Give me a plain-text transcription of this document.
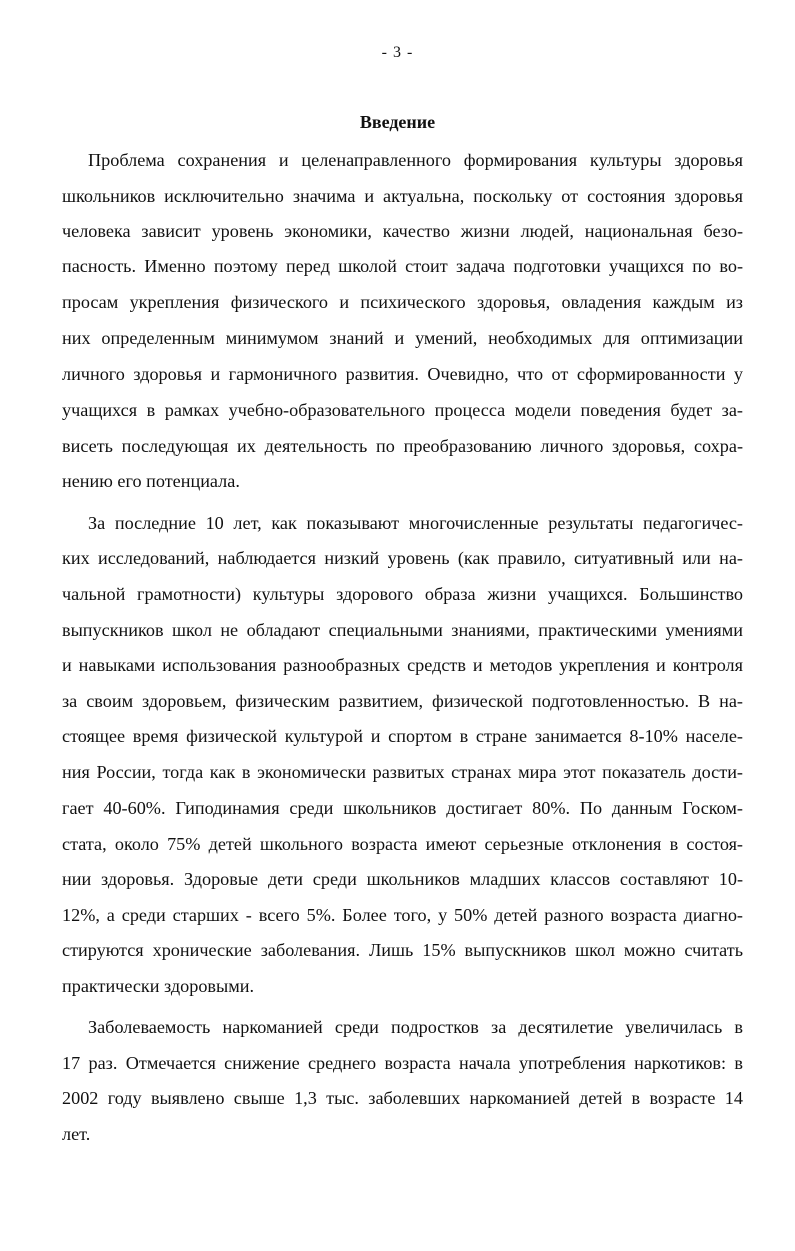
- 3 -
Введение
Проблема сохранения и целенаправленного формирования культуры здоровья
школьников исключительно значима и актуальна, поскольку от состояния здоровья
человека зависит уровень экономики, качество жизни людей, национальная безо-
пасность. Именно поэтому перед школой стоит задача подготовки учащихся по во-
просам укрепления физического и психического здоровья, овладения каждым из
них определенным минимумом знаний и умений, необходимых для оптимизации
личного здоровья и гармоничного развития. Очевидно, что от сформированности у
учащихся в рамках учебно-образовательного процесса модели поведения будет за-
висеть последующая их деятельность по преобразованию личного здоровья, сохра-
нению его потенциала.
За последние 10 лет, как показывают многочисленные результаты педагогичес-
ких исследований, наблюдается низкий уровень (как правило, ситуативный или на-
чальной грамотности) культуры здорового образа жизни учащихся. Большинство
выпускников школ не обладают специальными знаниями, практическими умениями
и навыками использования разнообразных средств и методов укрепления и контроля
за своим здоровьем, физическим развитием, физической подготовленностью. В на-
стоящее время физической культурой и спортом в стране занимается 8-10% населе-
ния России, тогда как в экономически развитых странах мира этот показатель дости-
гает 40-60%. Гиподинамия среди школьников достигает 80%. По данным Госком-
стата, около 75% детей школьного возраста имеют серьезные отклонения в состоя-
нии здоровья. Здоровые дети среди школьников младших классов составляют 10-
12%, а среди старших - всего 5%. Более того, у 50% детей разного возраста диагно-
стируются хронические заболевания. Лишь 15% выпускников школ можно считать
практически здоровыми.
Заболеваемость наркоманией среди подростков за десятилетие увеличилась в
17 раз. Отмечается снижение среднего возраста начала употребления наркотиков: в
2002 году выявлено свыше 1,3 тыс. заболевших наркоманией детей в возрасте 14
лет.
